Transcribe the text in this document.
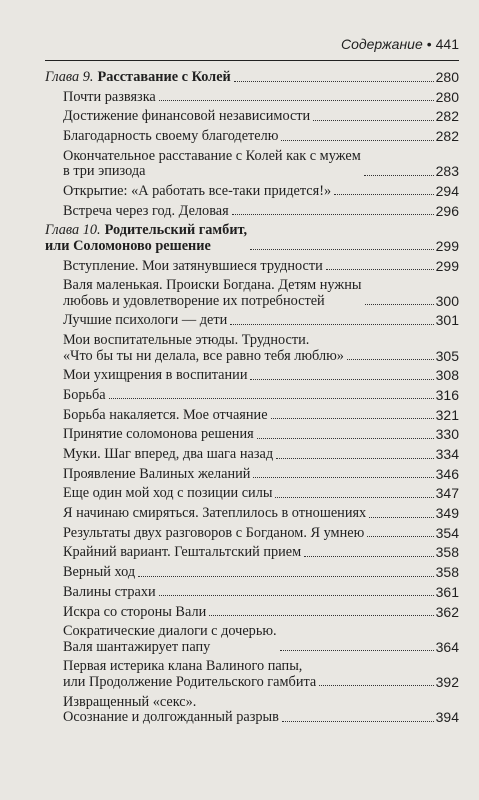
Содержание • 441
Глава 9. Расставание с Колей	280
Почти развязка	280
Достижение финансовой независимости	282
Благодарность своему благодетелю	282
Окончательное расставание с Колей как с мужем
в три эпизода	283
Открытие: «А работать все-таки придется!»	294
Встреча через год. Деловая	296
Глава 10. Родительский гамбит,
или Соломоново решение	299
Вступление. Мои затянувшиеся трудности	299
Валя маленькая. Происки Богдана. Детям нужны
любовь и удовлетворение их потребностей	300
Лучшие психологи — дети	301
Мои воспитательные этюды. Трудности.
«Что бы ты ни делала, все равно тебя люблю»	305
Мои ухищрения в воспитании	308
Борьба	316
Борьба накаляется. Мое отчаяние	321
Принятие соломонова решения	330
Муки. Шаг вперед, два шага назад	334
Проявление Валиных желаний	346
Еще один мой ход с позиции силы	347
Я начинаю смиряться. Затеплилось в отношениях	349
Результаты двух разговоров с Богданом. Я умнею	354
Крайний вариант. Гештальтский прием	358
Верный ход	358
Валины страхи	361
Искра со стороны Вали	362
Сократические диалоги с дочерью.
Валя шантажирует папу	364
Первая истерика клана Валиного папы,
или Продолжение Родительского гамбита	392
Извращенный «секс».
Осознание и долгожданный разрыв	394
